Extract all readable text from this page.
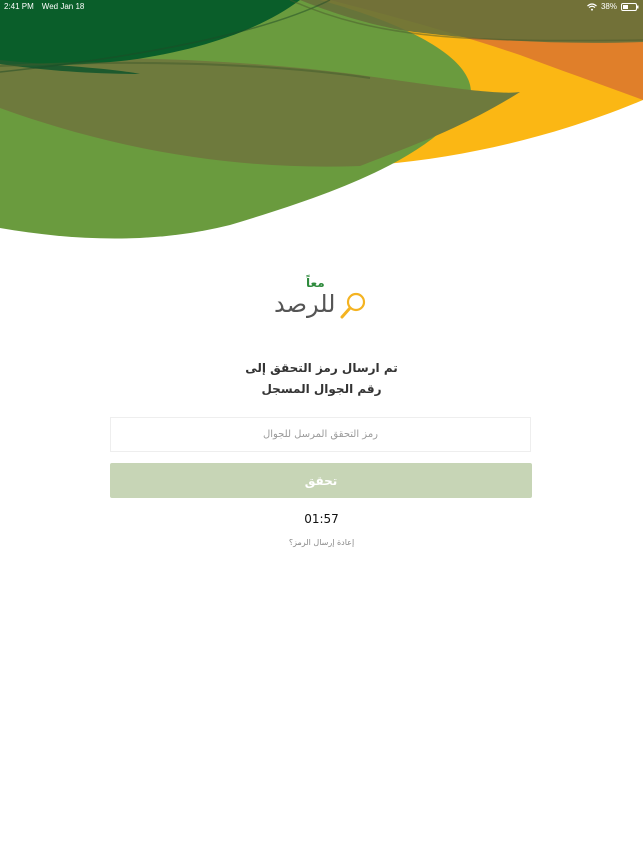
2:41 PM Wed Jan 18	38%
معاً
للرصد
تم ارسال رمز التحقق إلى
رقم الجوال المسجل
رمز التحقق المرسل للجوال
تحقق
01:57
إعادة إرسال الرمز؟
